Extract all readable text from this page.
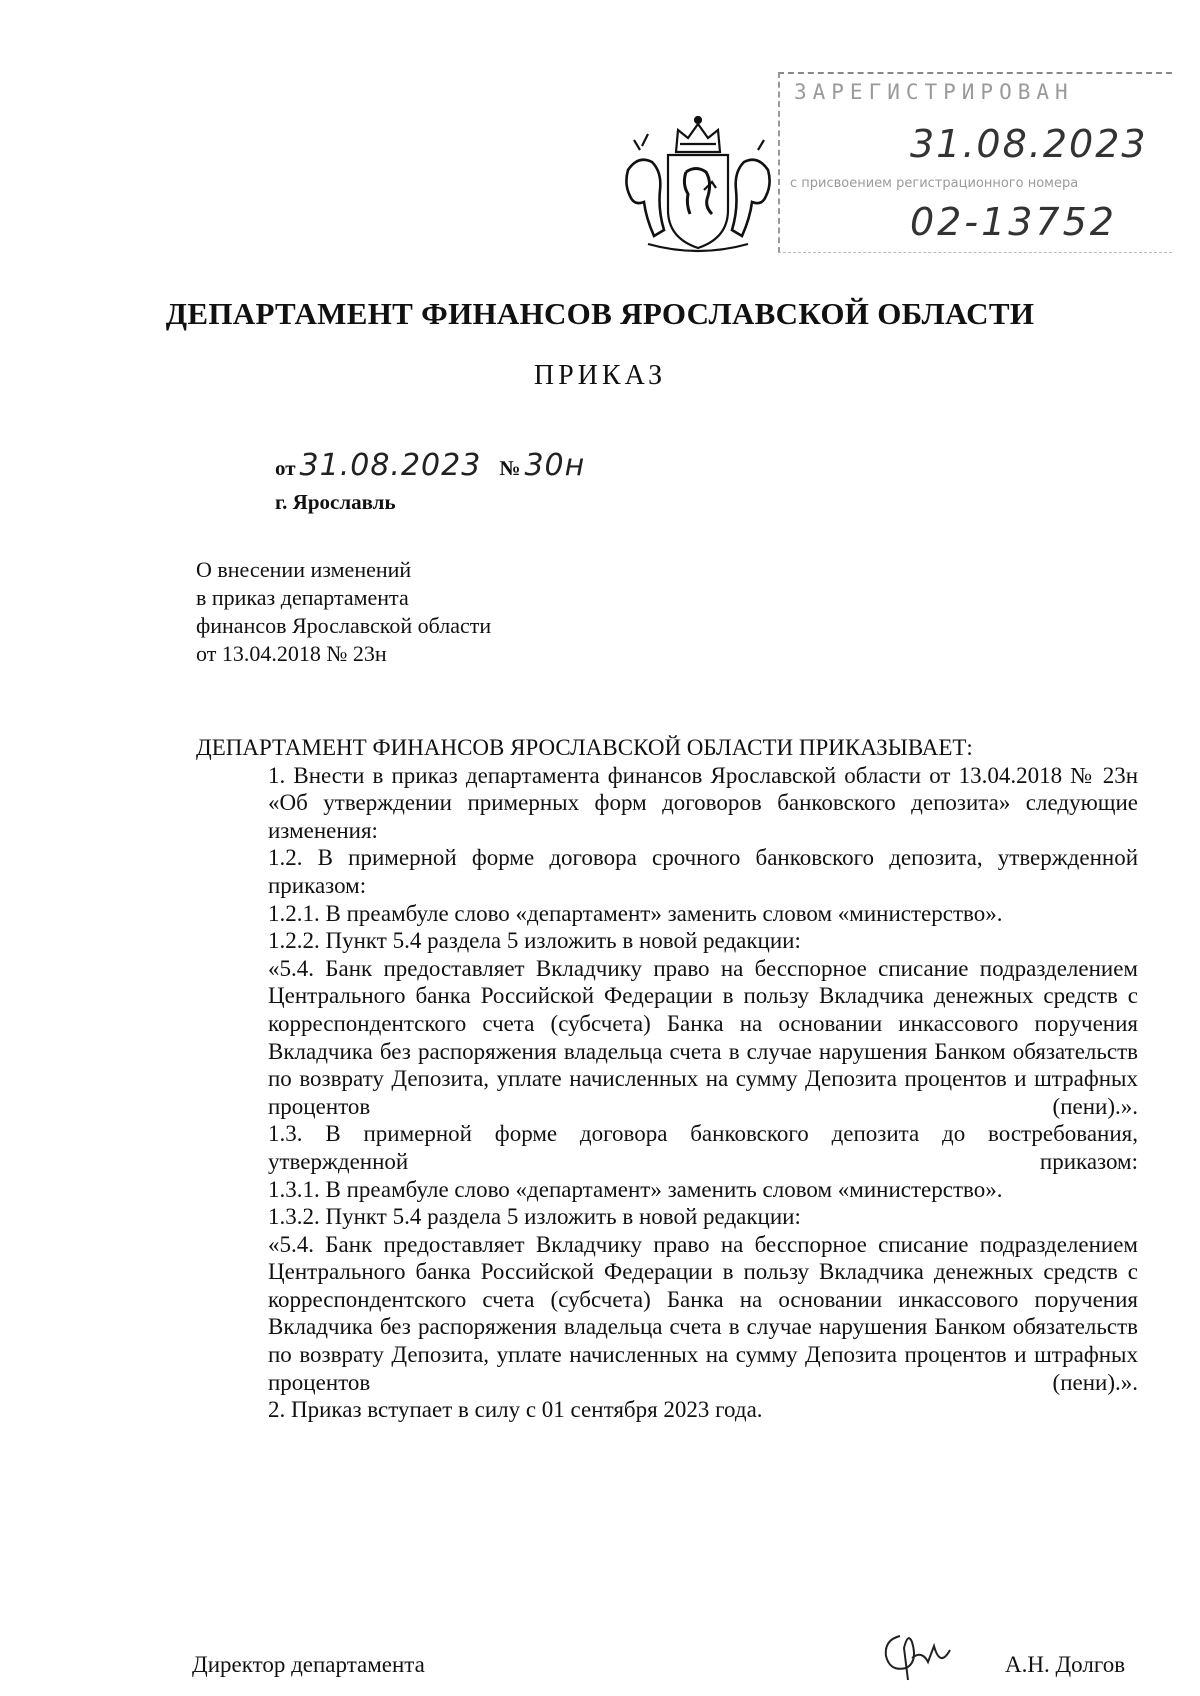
ЗАРЕГИСТРИРОВАН
31.08.2023
с присвоением регистрационного номера
02-13752
ДЕПАРТАМЕНТ ФИНАНСОВ ЯРОСЛАВСКОЙ ОБЛАСТИ
ПРИКАЗ
от 31.08.2023 № 30н
г. Ярославль
О внесении изменений
в приказ департамента
финансов Ярославской области
от 13.04.2018 № 23н
ДЕПАРТАМЕНТ ФИНАНСОВ ЯРОСЛАВСКОЙ ОБЛАСТИ ПРИКАЗЫВАЕТ:
1. Внести в приказ департамента финансов Ярославской области от 13.04.2018 № 23н «Об утверждении примерных форм договоров банковского депозита» следующие изменения:
1.2. В примерной форме договора срочного банковского депозита, утвержденной приказом:
1.2.1. В преамбуле слово «департамент» заменить словом «министерство».
1.2.2. Пункт 5.4 раздела 5 изложить в новой редакции:
«5.4. Банк предоставляет Вкладчику право на бесспорное списание подразделением Центрального банка Российской Федерации в пользу Вкладчика денежных средств с корреспондентского счета (субсчета) Банка на основании инкассового поручения Вкладчика без распоряжения владельца счета в случае нарушения Банком обязательств по возврату Депозита, уплате начисленных на сумму Депозита процентов и штрафных процентов (пени).».
1.3. В примерной форме договора банковского депозита до востребования, утвержденной приказом:
1.3.1. В преамбуле слово «департамент» заменить словом «министерство».
1.3.2. Пункт 5.4 раздела 5 изложить в новой редакции:
«5.4. Банк предоставляет Вкладчику право на бесспорное списание подразделением Центрального банка Российской Федерации в пользу Вкладчика денежных средств с корреспондентского счета (субсчета) Банка на основании инкассового поручения Вкладчика без распоряжения владельца счета в случае нарушения Банком обязательств по возврату Депозита, уплате начисленных на сумму Депозита процентов и штрафных процентов (пени).».
2. Приказ вступает в силу с 01 сентября 2023 года.
Директор департамента	А.Н. Долгов
